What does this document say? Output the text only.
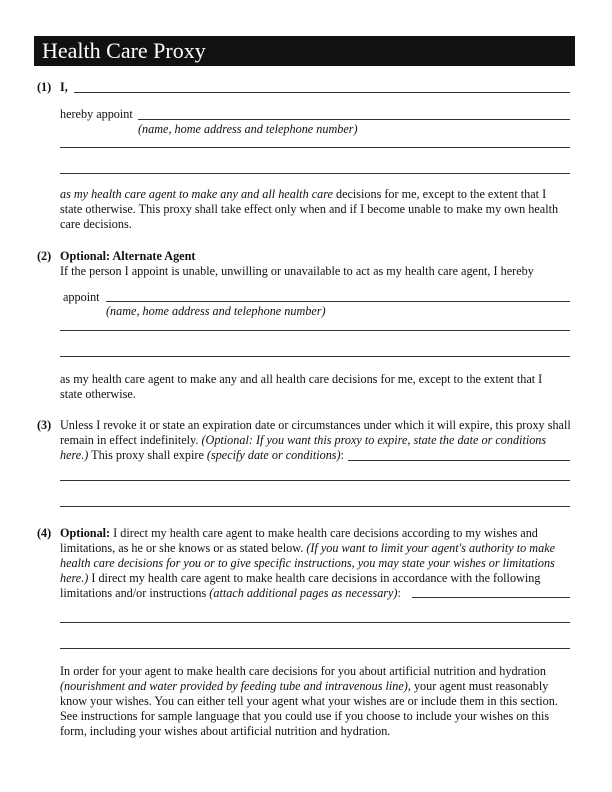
Health Care Proxy
(1) I,
hereby appoint
(name, home address and telephone number)
as my health care agent to make any and all health care decisions for me, except to the extent that I
state otherwise. This proxy shall take effect only when and if I become unable to make my own health
care decisions.
(2) Optional: Alternate Agent
If the person I appoint is unable, unwilling or unavailable to act as my health care agent, I hereby
appoint
(name, home address and telephone number)
as my health care agent to make any and all health care decisions for me, except to the extent that I
state otherwise.
(3) Unless I revoke it or state an expiration date or circumstances under which it will expire, this proxy shall
remain in effect indefinitely. (Optional: If you want this proxy to expire, state the date or conditions
here.) This proxy shall expire (specify date or conditions):
(4) Optional: I direct my health care agent to make health care decisions according to my wishes and
limitations, as he or she knows or as stated below. (If you want to limit your agent's authority to make
health care decisions for you or to give specific instructions, you may state your wishes or limitations
here.) I direct my health care agent to make health care decisions in accordance with the following
limitations and/or instructions (attach additional pages as necessary):
In order for your agent to make health care decisions for you about artificial nutrition and hydration
(nourishment and water provided by feeding tube and intravenous line), your agent must reasonably
know your wishes. You can either tell your agent what your wishes are or include them in this section.
See instructions for sample language that you could use if you choose to include your wishes on this
form, including your wishes about artificial nutrition and hydration.
